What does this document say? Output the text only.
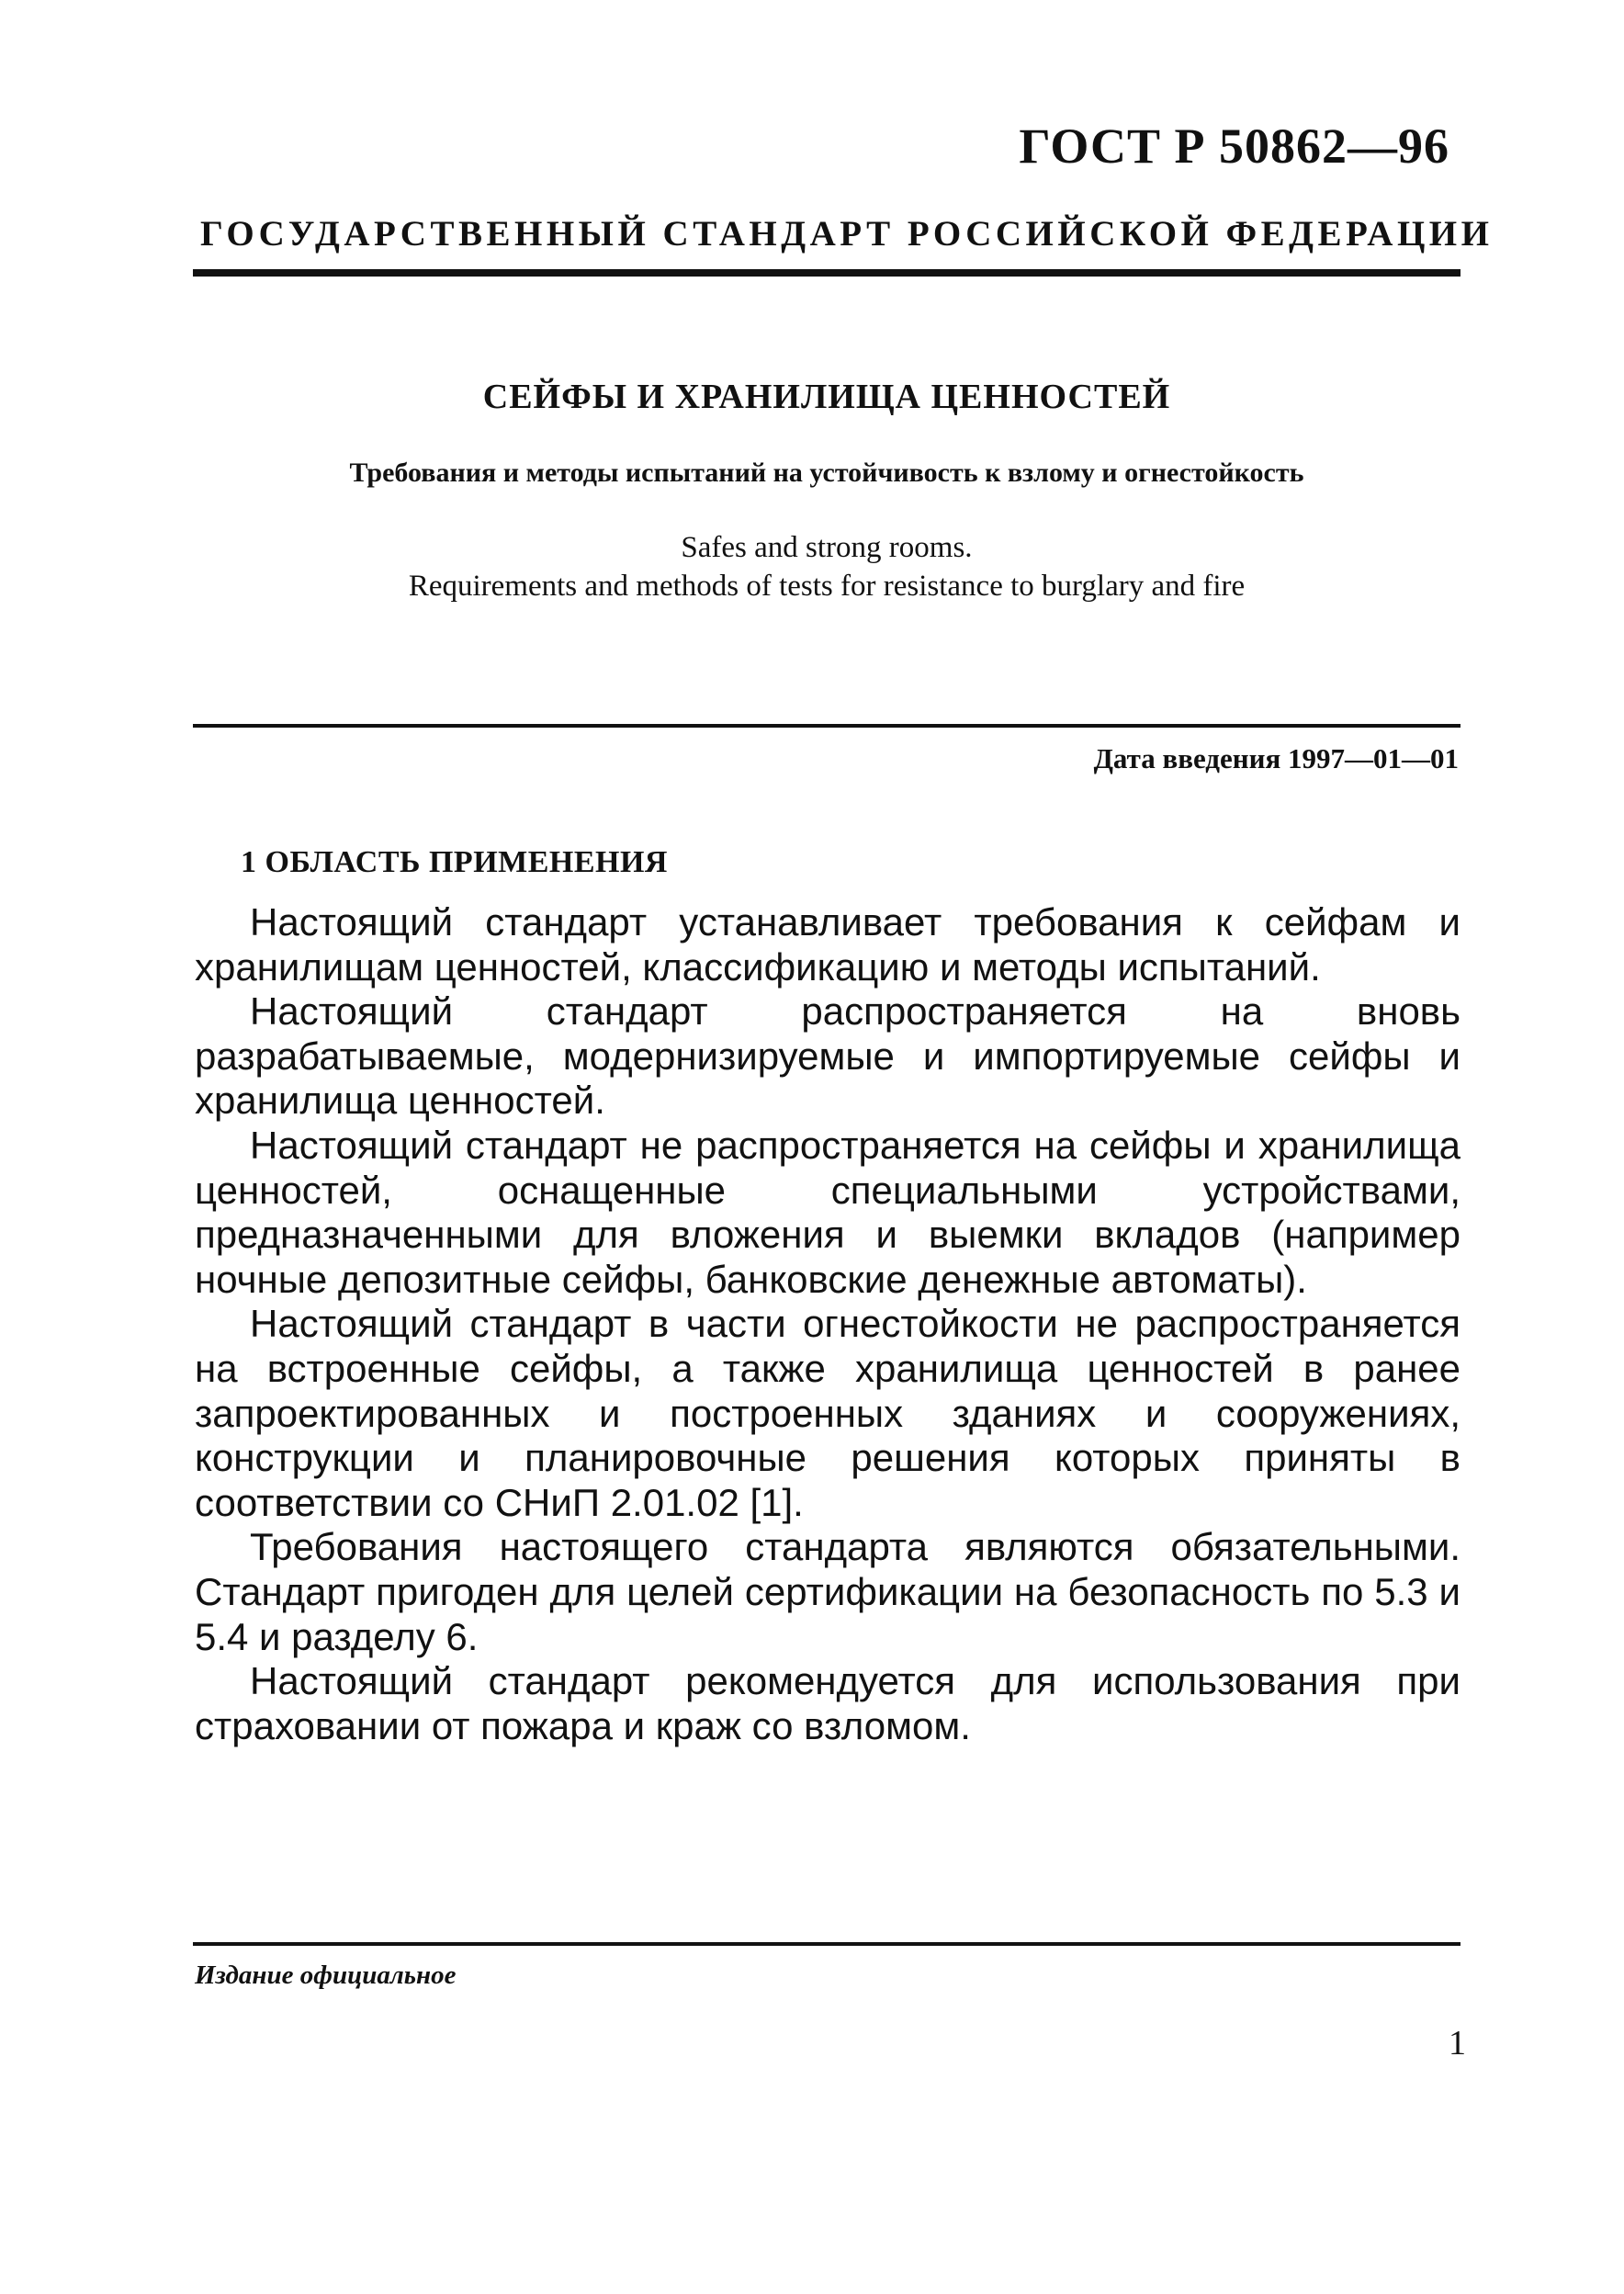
ГОСТ Р 50862—96
ГОСУДАРСТВЕННЫЙ СТАНДАРТ РОССИЙСКОЙ ФЕДЕРАЦИИ
СЕЙФЫ И ХРАНИЛИЩА ЦЕННОСТЕЙ
Требования и методы испытаний на устойчивость к взлому и огнестойкость
Safes and strong rooms.
Requirements and methods of tests for resistance to burglary and fire
Дата введения 1997—01—01
1 ОБЛАСТЬ ПРИМЕНЕНИЯ

Настоящий стандарт устанавливает требования к сейфам и хранилищам ценностей, классификацию и методы испытаний.

Настоящий стандарт распространяется на вновь разрабатываемые, модернизируемые и импортируемые сейфы и хранилища ценностей.

Настоящий стандарт не распространяется на сейфы и хранилища ценностей, оснащенные специальными устройствами, предназначенными для вложения и выемки вкладов (например ночные депозитные сейфы, банковские денежные автоматы).

Настоящий стандарт в части огнестойкости не распространяется на встроенные сейфы, а также хранилища ценностей в ранее запроектированных и построенных зданиях и сооружениях, конструкции и планировочные решения которых приняты в соответствии со СНиП 2.01.02 [1].

Требования настоящего стандарта являются обязательными. Стандарт пригоден для целей сертификации на безопасность по 5.3 и 5.4 и разделу 6.

Настоящий стандарт рекомендуется для использования при страховании от пожара и краж со взломом.

Издание официальное
1
